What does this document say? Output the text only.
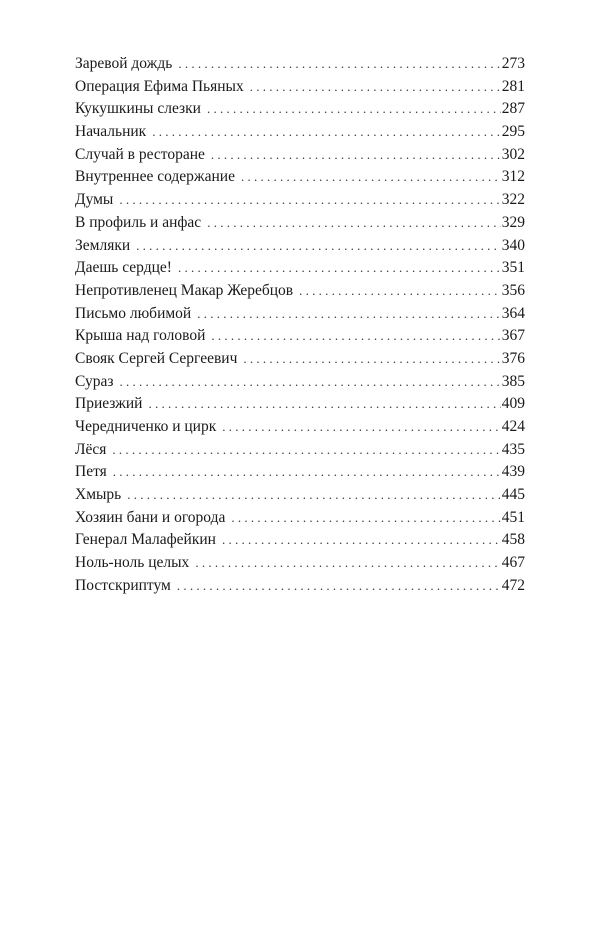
Заревой дождь . . .	273
Операция Ефима Пьяных . . .	281
Кукушкины слезки . . .	287
Начальник . . .	295
Случай в ресторане . . .	302
Внутреннее содержание . . .	312
Думы . . .	322
В профиль и анфас . . .	329
Земляки . . .	340
Даешь сердце! . . .	351
Непротивленец Макар Жеребцов . . .	356
Письмо любимой . . .	364
Крыша над головой . . .	367
Свояк Сергей Сергеевич . . .	376
Сураз . . .	385
Приезжий . . .	409
Чередниченко и цирк . . .	424
Лёся . . .	435
Петя . . .	439
Хмырь . . .	445
Хозяин бани и огорода . . .	451
Генерал Малафейкин . . .	458
Ноль-ноль целых . . .	467
Постскриптум . . .	472
